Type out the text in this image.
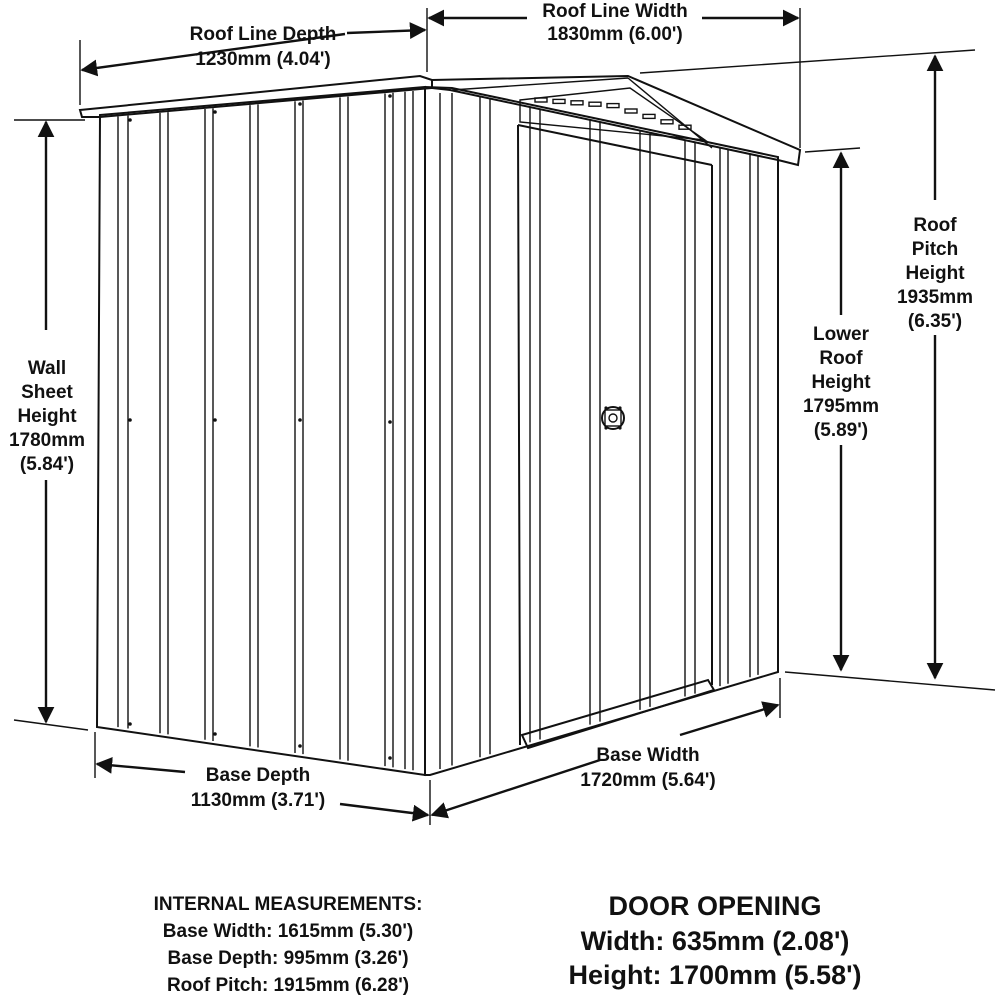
Roof Line Depth
1230mm (4.04')
Roof Line Width
1830mm (6.00')
Wall
Sheet
Height
1780mm
(5.84')
Lower
Roof
Height
1795mm
(5.89')
Roof
Pitch
Height
1935mm
(6.35')
Base Depth
1130mm (3.71')
Base Width
1720mm (5.64')
INTERNAL MEASUREMENTS:
Base Width: 1615mm (5.30')
Base Depth: 995mm (3.26')
Roof Pitch: 1915mm (6.28')
DOOR OPENING
Width: 635mm (2.08')
Height: 1700mm (5.58')
